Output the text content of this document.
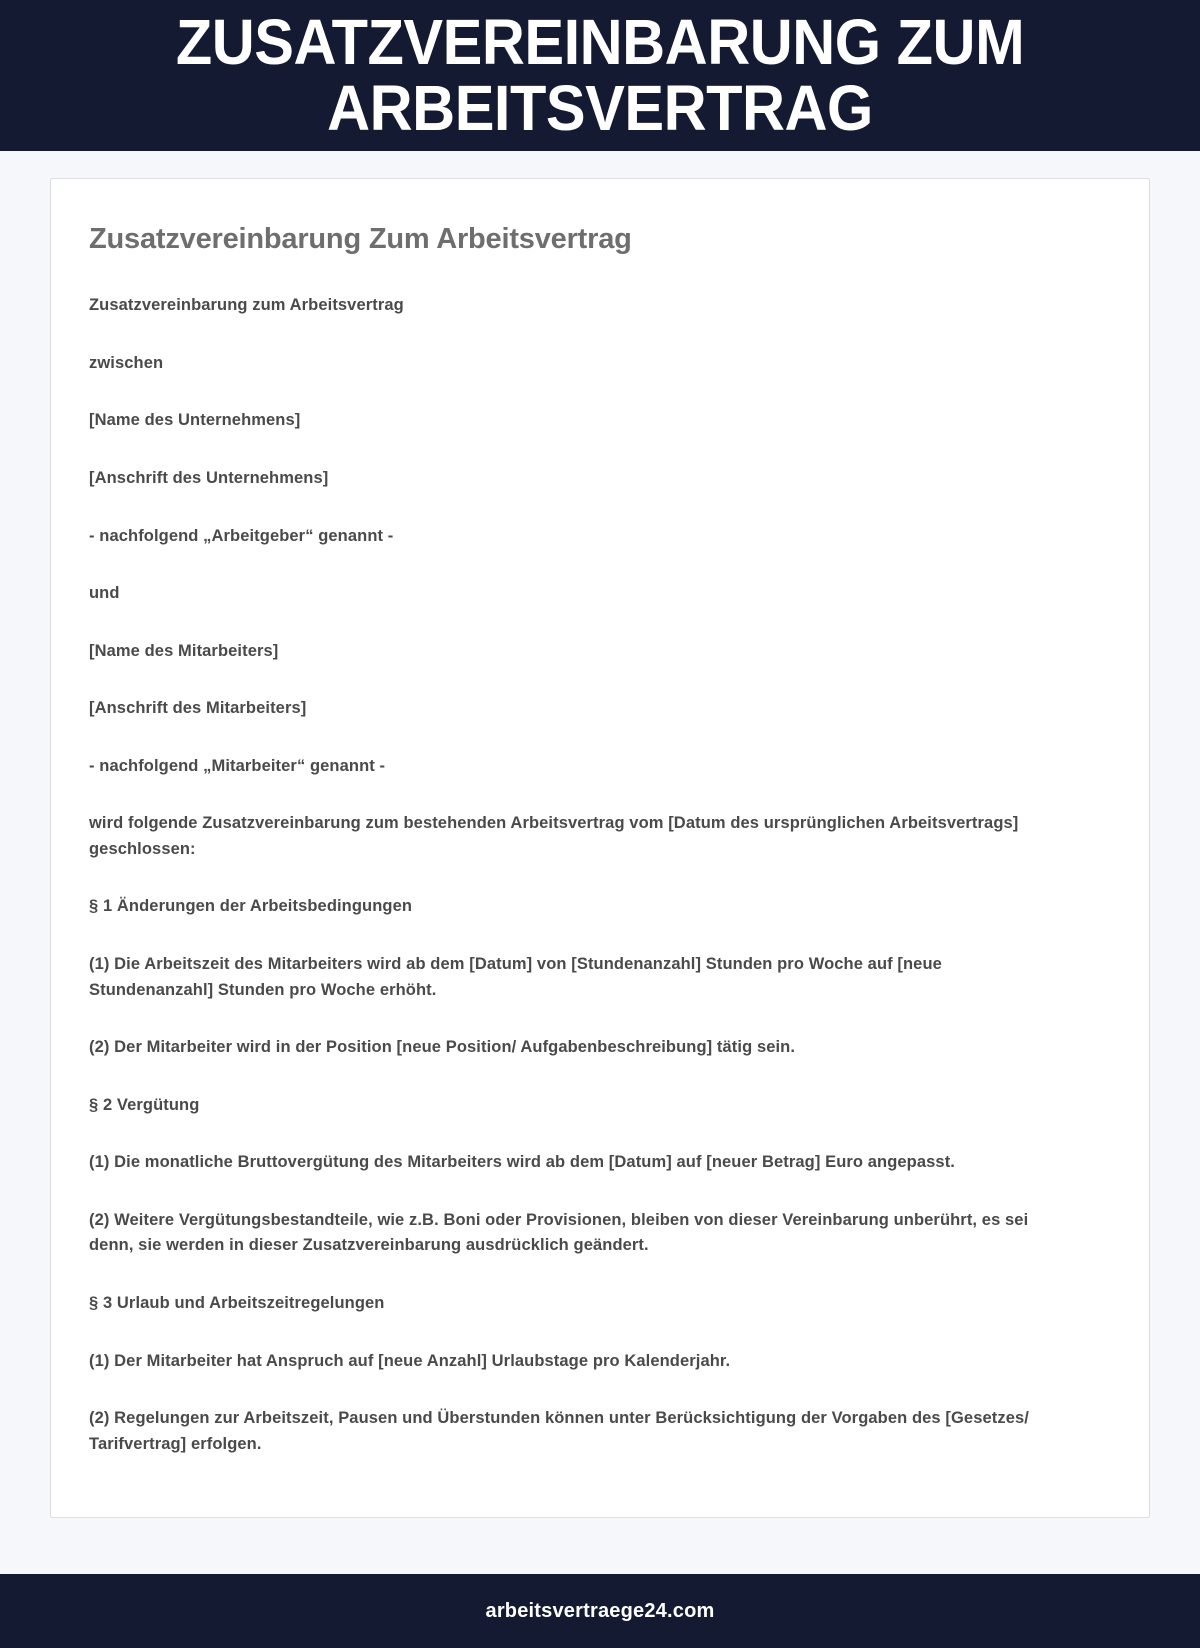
ZUSATZVEREINBARUNG ZUM ARBEITSVERTRAG
Zusatzvereinbarung Zum Arbeitsvertrag

Zusatzvereinbarung zum Arbeitsvertrag

zwischen

[Name des Unternehmens]

[Anschrift des Unternehmens]

- nachfolgend „Arbeitgeber“ genannt -

und

[Name des Mitarbeiters]

[Anschrift des Mitarbeiters]

- nachfolgend „Mitarbeiter“ genannt -

wird folgende Zusatzvereinbarung zum bestehenden Arbeitsvertrag vom [Datum des ursprünglichen Arbeitsvertrags] geschlossen:

§ 1 Änderungen der Arbeitsbedingungen

(1) Die Arbeitszeit des Mitarbeiters wird ab dem [Datum] von [Stundenanzahl] Stunden pro Woche auf [neue Stundenanzahl] Stunden pro Woche erhöht.

(2) Der Mitarbeiter wird in der Position [neue Position/ Aufgabenbeschreibung] tätig sein.

§ 2 Vergütung

(1) Die monatliche Bruttovergütung des Mitarbeiters wird ab dem [Datum] auf [neuer Betrag] Euro angepasst.

(2) Weitere Vergütungsbestandteile, wie z.B. Boni oder Provisionen, bleiben von dieser Vereinbarung unberührt, es sei denn, sie werden in dieser Zusatzvereinbarung ausdrücklich geändert.

§ 3 Urlaub und Arbeitszeitregelungen

(1) Der Mitarbeiter hat Anspruch auf [neue Anzahl] Urlaubstage pro Kalenderjahr.

(2) Regelungen zur Arbeitszeit, Pausen und Überstunden können unter Berücksichtigung der Vorgaben des [Gesetzes/ Tarifvertrag] erfolgen.

arbeitsvertraege24.com
